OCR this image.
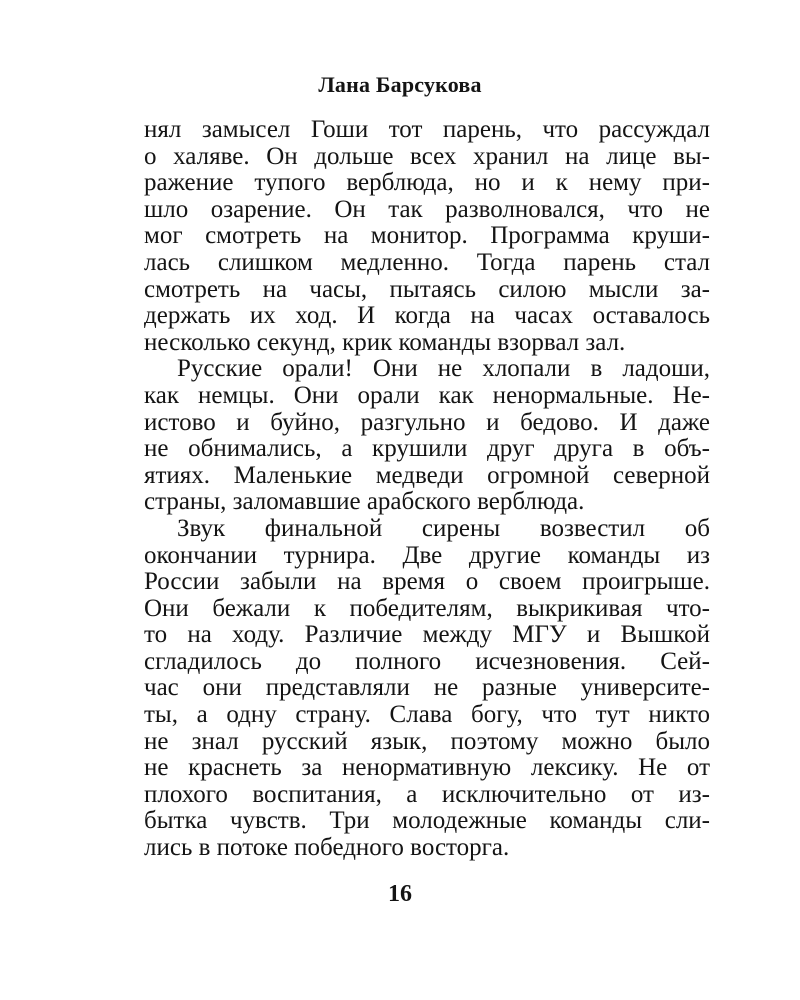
Лана Барсукова
нял замысел Гоши тот парень, что рассуждал
о халяве. Он дольше всех хранил на лице вы-
ражение тупого верблюда, но и к нему при-
шло озарение. Он так разволновался, что не
мог смотреть на монитор. Программа круши-
лась слишком медленно. Тогда парень стал
смотреть на часы, пытаясь силою мысли за-
держать их ход. И когда на часах оставалось
несколько секунд, крик команды взорвал зал.
Русские орали! Они не хлопали в ладоши,
как немцы. Они орали как ненормальные. Не-
истово и буйно, разгульно и бедово. И даже
не обнимались, а крушили друг друга в объ-
ятиях. Маленькие медведи огромной северной
страны, заломавшие арабского верблюда.
Звук финальной сирены возвестил об
окончании турнира. Две другие команды из
России забыли на время о своем проигрыше.
Они бежали к победителям, выкрикивая что-
то на ходу. Различие между МГУ и Вышкой
сгладилось до полного исчезновения. Сей-
час они представляли не разные университе-
ты, а одну страну. Слава богу, что тут никто
не знал русский язык, поэтому можно было
не краснеть за ненормативную лексику. Не от
плохого воспитания, а исключительно от из-
бытка чувств. Три молодежные команды сли-
лись в потоке победного восторга.
16
